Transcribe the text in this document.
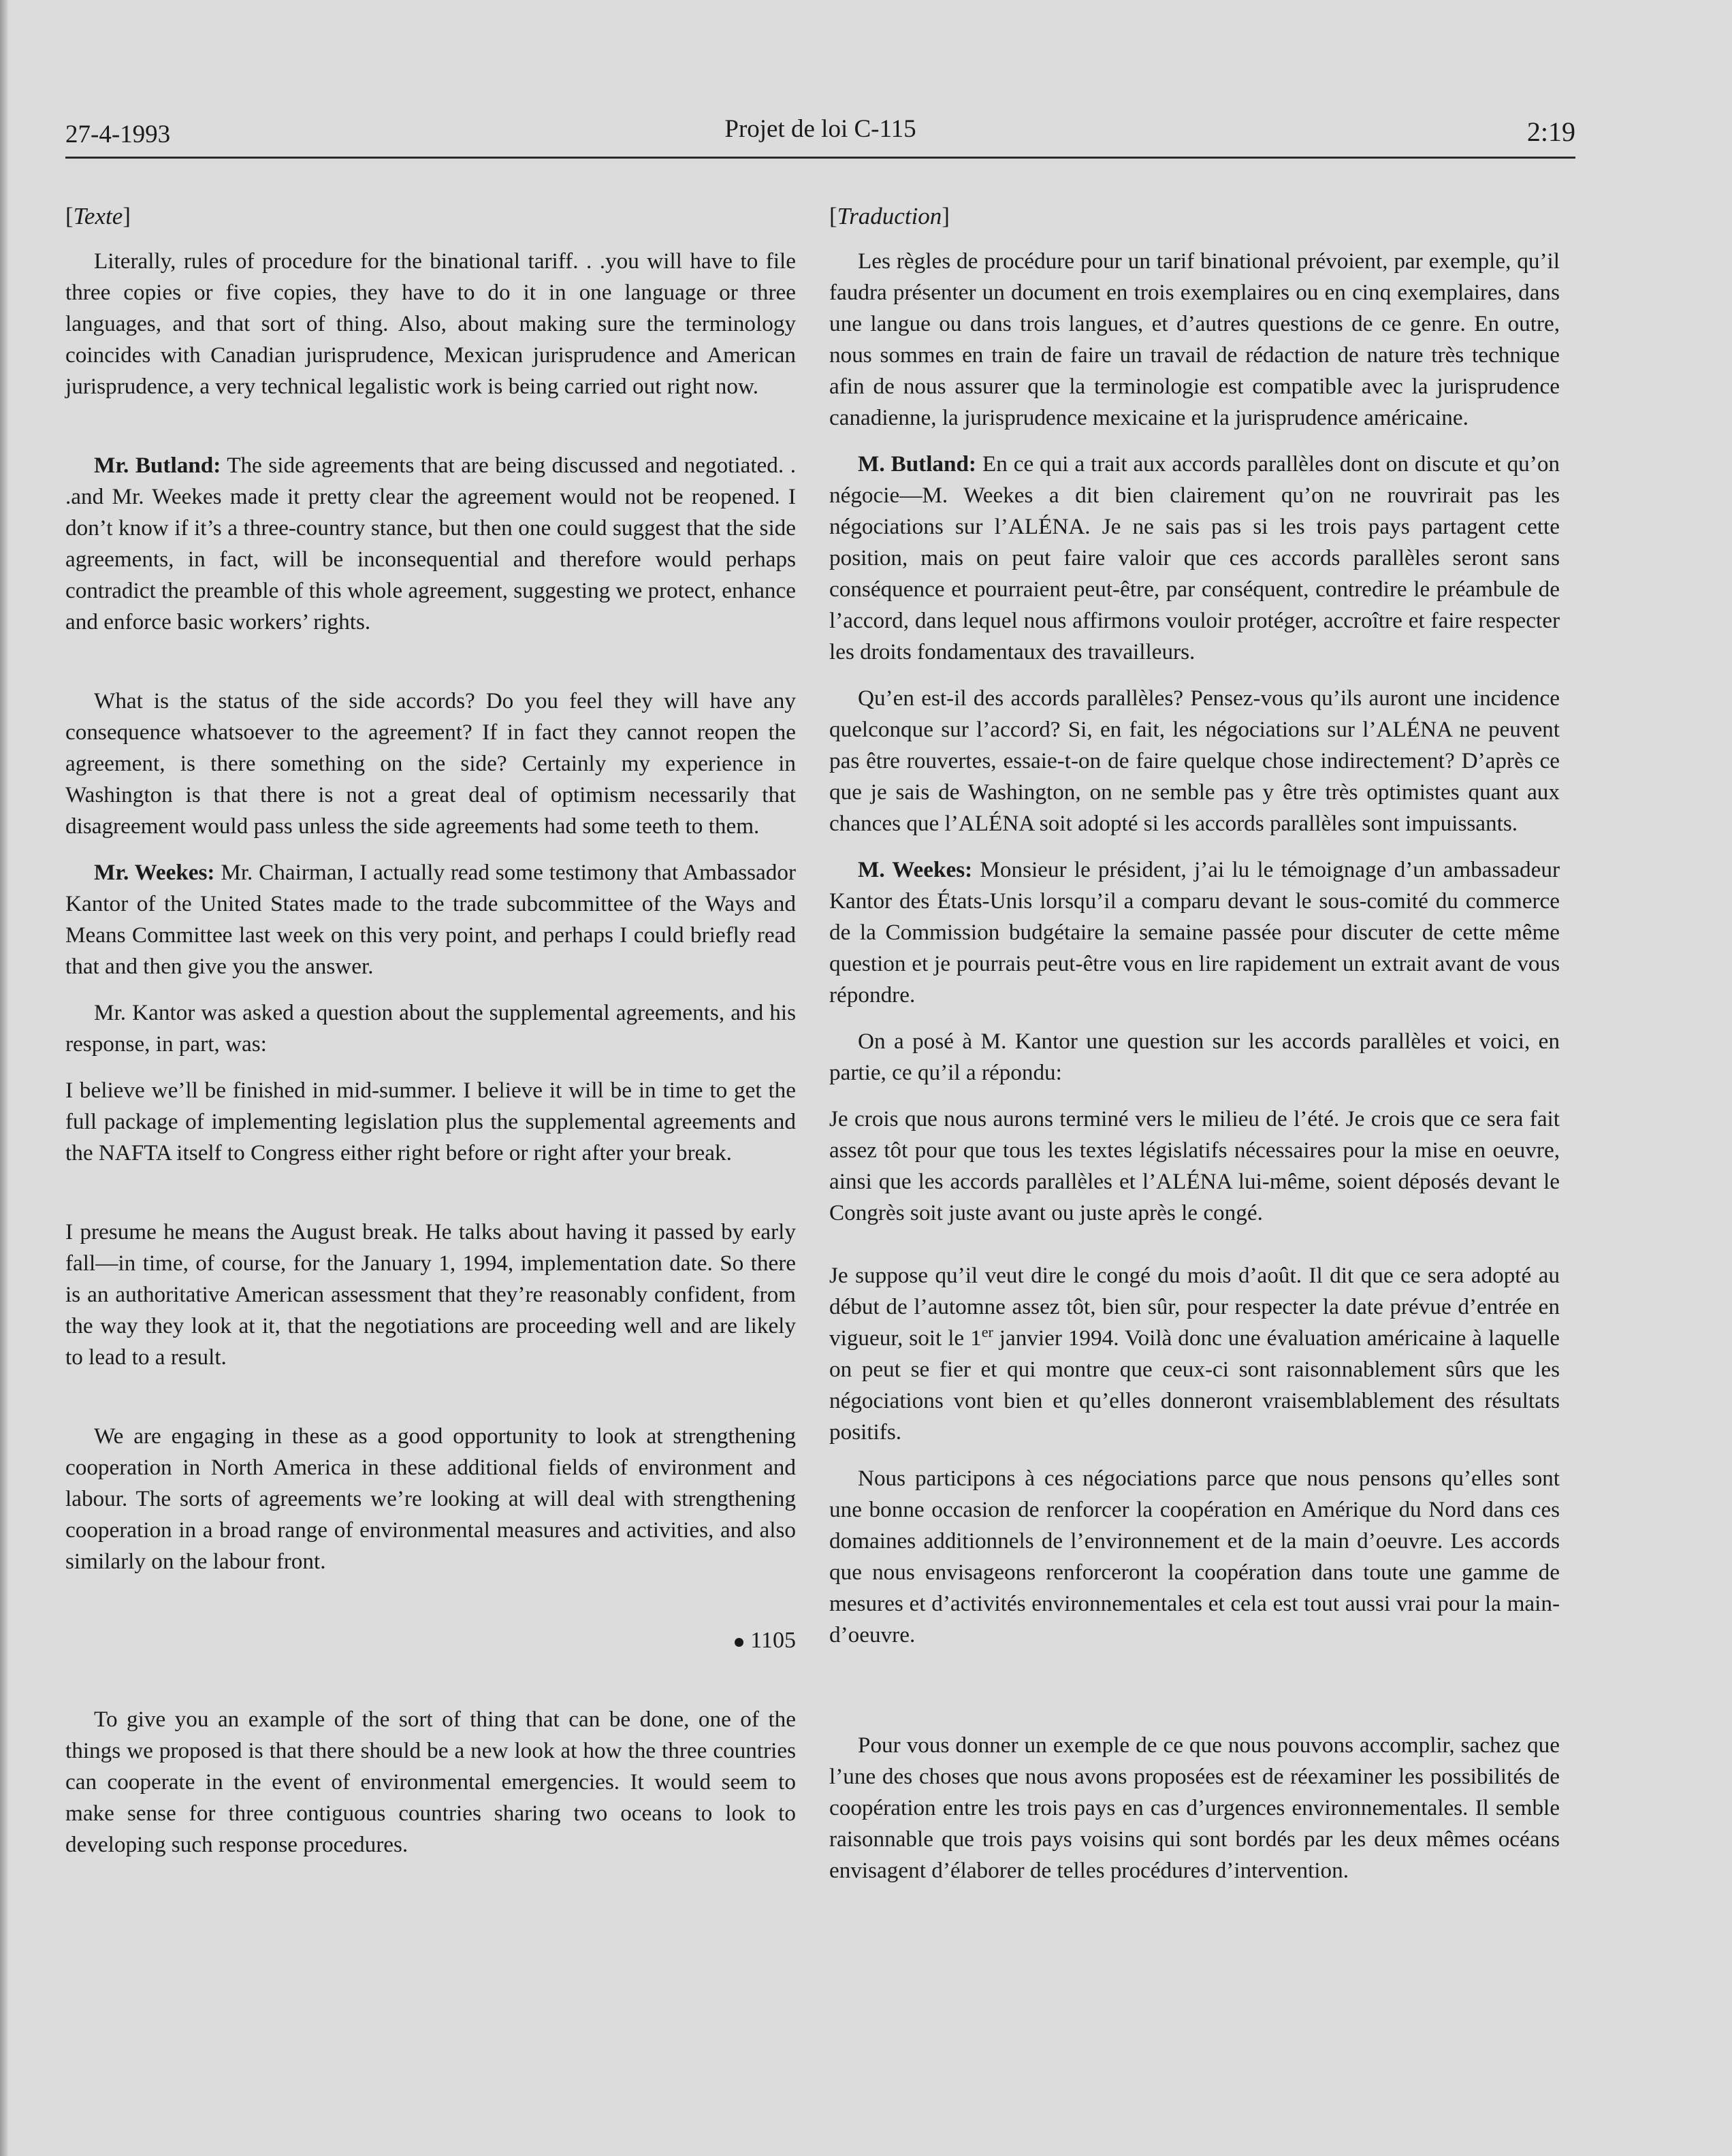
27-4-1993	Projet de loi C-115	2:19

[Texte]

Literally, rules of procedure for the binational tariff. . .you will have to file three copies or five copies, they have to do it in one language or three languages, and that sort of thing. Also, about making sure the terminology coincides with Canadian jurisprudence, Mexican jurisprudence and American jurisprudence, a very technical legalistic work is being carried out right now.

Mr. Butland: The side agreements that are being discussed and negotiated. . .and Mr. Weekes made it pretty clear the agreement would not be reopened. I don’t know if it’s a three-country stance, but then one could suggest that the side agreements, in fact, will be inconsequential and therefore would perhaps contradict the preamble of this whole agreement, suggesting we protect, enhance and enforce basic workers’ rights.

What is the status of the side accords? Do you feel they will have any consequence whatsoever to the agreement? If in fact they cannot reopen the agreement, is there something on the side? Certainly my experience in Washington is that there is not a great deal of optimism necessarily that disagreement would pass unless the side agreements had some teeth to them.

Mr. Weekes: Mr. Chairman, I actually read some testimony that Ambassador Kantor of the United States made to the trade subcommittee of the Ways and Means Committee last week on this very point, and perhaps I could briefly read that and then give you the answer.

Mr. Kantor was asked a question about the supplemental agreements, and his response, in part, was:

I believe we’ll be finished in mid-summer. I believe it will be in time to get the full package of implementing legislation plus the supplemental agreements and the NAFTA itself to Congress either right before or right after your break.

I presume he means the August break. He talks about having it passed by early fall—in time, of course, for the January 1, 1994, implementation date. So there is an authoritative American assessment that they’re reasonably confident, from the way they look at it, that the negotiations are proceeding well and are likely to lead to a result.

We are engaging in these as a good opportunity to look at strengthening cooperation in North America in these additional fields of environment and labour. The sorts of agreements we’re looking at will deal with strengthening cooperation in a broad range of environmental measures and activities, and also similarly on the labour front.

1105

To give you an example of the sort of thing that can be done, one of the things we proposed is that there should be a new look at how the three countries can cooperate in the event of environmental emergencies. It would seem to make sense for three contiguous countries sharing two oceans to look to developing such response procedures.

[Traduction]

Les règles de procédure pour un tarif binational prévoient, par exemple, qu’il faudra présenter un document en trois exemplaires ou en cinq exemplaires, dans une langue ou dans trois langues, et d’autres questions de ce genre. En outre, nous sommes en train de faire un travail de rédaction de nature très technique afin de nous assurer que la terminologie est compatible avec la jurisprudence canadienne, la jurisprudence mexicaine et la jurisprudence américaine.

M. Butland: En ce qui a trait aux accords parallèles dont on discute et qu’on négocie—M. Weekes a dit bien clairement qu’on ne rouvrirait pas les négociations sur l’ALÉNA. Je ne sais pas si les trois pays partagent cette position, mais on peut faire valoir que ces accords parallèles seront sans conséquence et pourraient peut-être, par conséquent, contredire le préambule de l’accord, dans lequel nous affirmons vouloir protéger, accroître et faire respecter les droits fondamentaux des travailleurs.

Qu’en est-il des accords parallèles? Pensez-vous qu’ils auront une incidence quelconque sur l’accord? Si, en fait, les négociations sur l’ALÉNA ne peuvent pas être rouvertes, essaie-t-on de faire quelque chose indirectement? D’après ce que je sais de Washington, on ne semble pas y être très optimistes quant aux chances que l’ALÉNA soit adopté si les accords parallèles sont impuissants.

M. Weekes: Monsieur le président, j’ai lu le témoignage d’un ambassadeur Kantor des États-Unis lorsqu’il a comparu devant le sous-comité du commerce de la Commission budgétaire la semaine passée pour discuter de cette même question et je pourrais peut-être vous en lire rapidement un extrait avant de vous répondre.

On a posé à M. Kantor une question sur les accords parallèles et voici, en partie, ce qu’il a répondu:

Je crois que nous aurons terminé vers le milieu de l’été. Je crois que ce sera fait assez tôt pour que tous les textes législatifs nécessaires pour la mise en oeuvre, ainsi que les accords parallèles et l’ALÉNA lui-même, soient déposés devant le Congrès soit juste avant ou juste après le congé.

Je suppose qu’il veut dire le congé du mois d’août. Il dit que ce sera adopté au début de l’automne assez tôt, bien sûr, pour respecter la date prévue d’entrée en vigueur, soit le 1er janvier 1994. Voilà donc une évaluation américaine à laquelle on peut se fier et qui montre que ceux-ci sont raisonnablement sûrs que les négociations vont bien et qu’elles donneront vraisemblablement des résultats positifs.

Nous participons à ces négociations parce que nous pensons qu’elles sont une bonne occasion de renforcer la coopération en Amérique du Nord dans ces domaines additionnels de l’environnement et de la main d’oeuvre. Les accords que nous envisageons renforceront la coopération dans toute une gamme de mesures et d’activités environnementales et cela est tout aussi vrai pour la main-d’oeuvre.

Pour vous donner un exemple de ce que nous pouvons accomplir, sachez que l’une des choses que nous avons proposées est de réexaminer les possibilités de coopération entre les trois pays en cas d’urgences environnementales. Il semble raisonnable que trois pays voisins qui sont bordés par les deux mêmes océans envisagent d’élaborer de telles procédures d’intervention.
